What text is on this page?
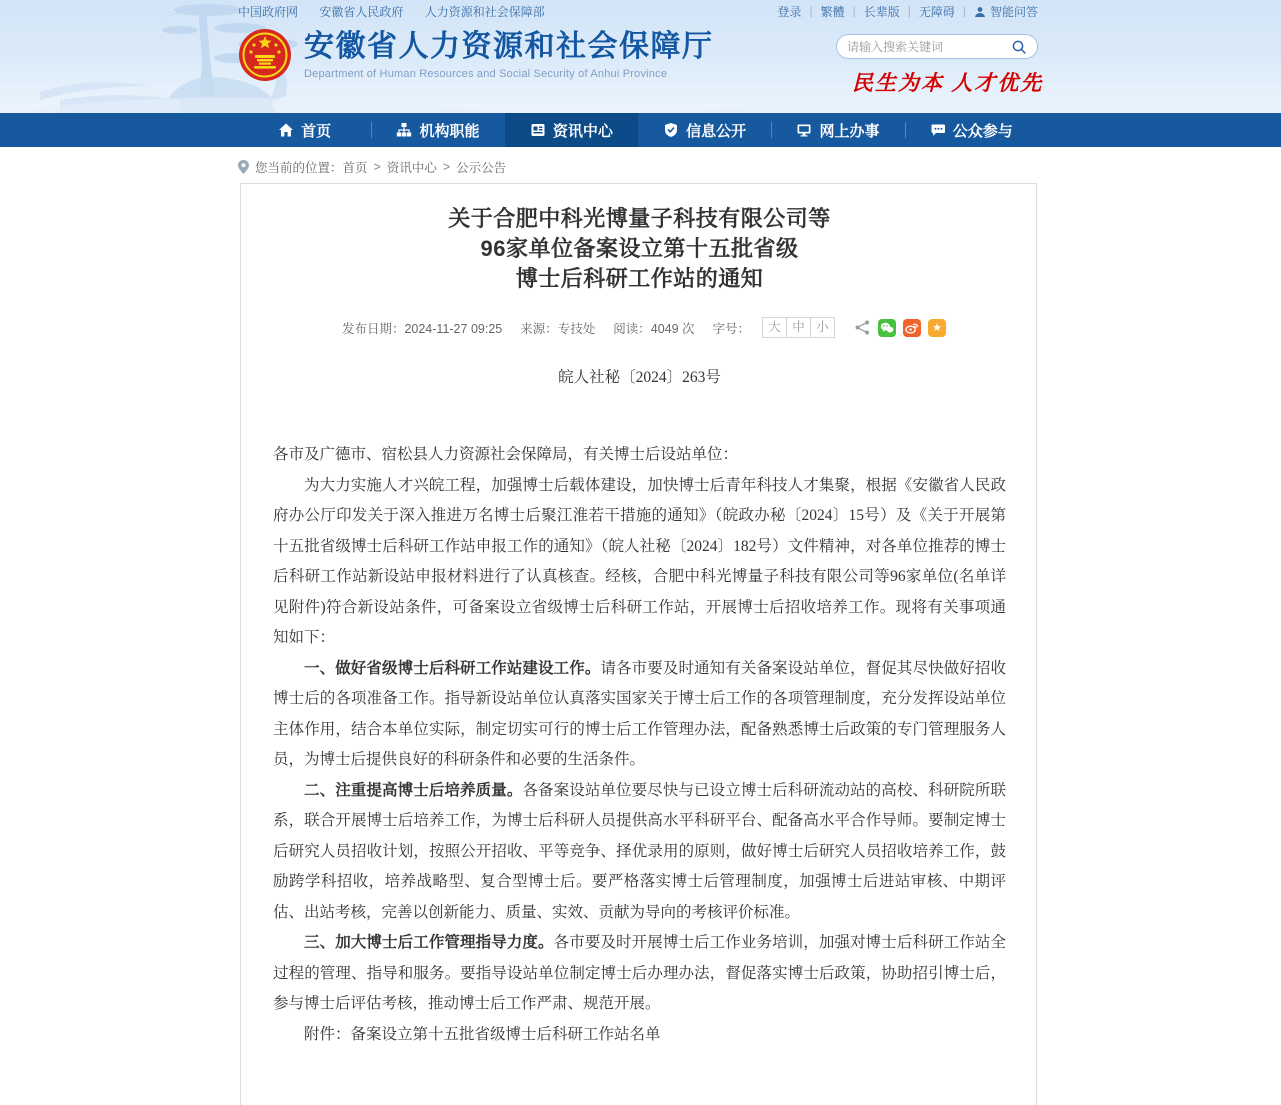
中国政府网 安徽省人民政府 人力资源和社会保障部	登录 | 繁體 | 长辈版 | 无障碍 |	智能问答
安徽省人力资源和社会保障厅
Department of Human Resources and Social Security of Anhui Province
请输入搜索关键词	民生为本 人才优先
首页	机构职能	资讯中心	信息公开	网上办事	公众参与
您当前的位置： 首页 > 资讯中心 > 公示公告
关于合肥中科光博量子科技有限公司等
96家单位备案设立第十五批省级
博士后科研工作站的通知
发布日期：2024-11-27 09:25 来源：专技处 阅读：4049 次 字号：	大 中 小	★
皖人社秘〔2024〕263号

各市及广德市、宿松县人力资源社会保障局，有关博士后设站单位：

为大力实施人才兴皖工程，加强博士后载体建设，加快博士后青年科技人才集聚，根据《安徽省人民政府办公厅印发关于深入推进万名博士后聚江淮若干措施的通知》（皖政办秘〔2024〕15号）及《关于开展第十五批省级博士后科研工作站申报工作的通知》（皖人社秘〔2024〕182号）文件精神，对各单位推荐的博士后科研工作站新设站申报材料进行了认真核查。经核，合肥中科光博量子科技有限公司等96家单位(名单详见附件)符合新设站条件，可备案设立省级博士后科研工作站，开展博士后招收培养工作。现将有关事项通知如下：

一、做好省级博士后科研工作站建设工作。请各市要及时通知有关备案设站单位，督促其尽快做好招收博士后的各项准备工作。指导新设站单位认真落实国家关于博士后工作的各项管理制度，充分发挥设站单位主体作用，结合本单位实际，制定切实可行的博士后工作管理办法，配备熟悉博士后政策的专门管理服务人员，为博士后提供良好的科研条件和必要的生活条件。

二、注重提高博士后培养质量。各备案设站单位要尽快与已设立博士后科研流动站的高校、科研院所联系，联合开展博士后培养工作，为博士后科研人员提供高水平科研平台、配备高水平合作导师。要制定博士后研究人员招收计划，按照公开招收、平等竞争、择优录用的原则，做好博士后研究人员招收培养工作，鼓励跨学科招收，培养战略型、复合型博士后。要严格落实博士后管理制度，加强博士后进站审核、中期评估、出站考核，完善以创新能力、质量、实效、贡献为导向的考核评价标准。

三、加大博士后工作管理指导力度。各市要及时开展博士后工作业务培训，加强对博士后科研工作站全过程的管理、指导和服务。要指导设站单位制定博士后办理办法，督促落实博士后政策，协助招引博士后，参与博士后评估考核，推动博士后工作严肃、规范开展。

附件：备案设立第十五批省级博士后科研工作站名单
